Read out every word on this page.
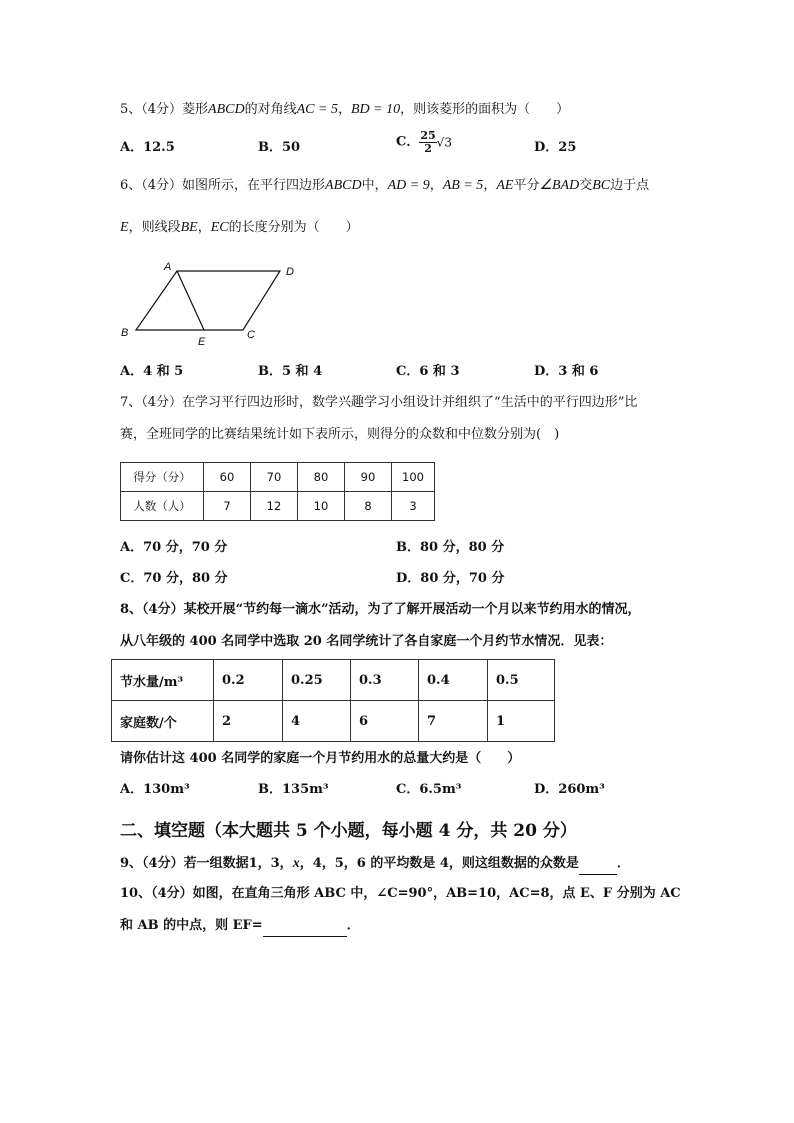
5、（4分）菱形ABCD的对角线AC = 5，BD = 10，则该菱形的面积为（　　）
A．12.5	B．50	C． $\frac{25}{2} √3$	D．25
6、（4分）如图所示，在平行四边形ABCD中，AD = 9，AB = 5，AE平分∠BAD交BC边于点
E，则线段BE，EC的长度分别为（　　）
A	D
B	C
E
A．4 和 5	B．5 和 4	C．6 和 3	D．3 和 6
7、（4分）在学习平行四边形时，数学兴趣学习小组设计并组织了“生活中的平行四边形”比
赛，全班同学的比赛结果统计如下表所示，则得分的众数和中位数分别为(　)
得分（分）	60	70	80	90	100
人数（人）	7	12	10	8	3
A．70 分，70 分	B．80 分，80 分
C．70 分，80 分	D．80 分，70 分
8、（4分）某校开展“节约每一滴水”活动，为了了解开展活动一个月以来节约用水的情况，
从八年级的 400 名同学中选取 20 名同学统计了各自家庭一个月约节水情况．见表：
节水量/m³	0.2	0.25	0.3	0.4	0.5
家庭数/个	2	4	6	7	1
请你估计这 400 名同学的家庭一个月节约用水的总量大约是（　　）
A．130m³	B．135m³	C．6.5m³	D．260m³
二、填空题（本大题共 5 个小题，每小题 4 分，共 20 分）
9、（4分）若一组数据1，3，x，4，5，6 的平均数是 4，则这组数据的众数是	．
10、（4分）如图，在直角三角形 ABC 中，∠C=90°，AB=10，AC=8，点 E、F 分别为 AC
和 AB 的中点，则 EF=	．
